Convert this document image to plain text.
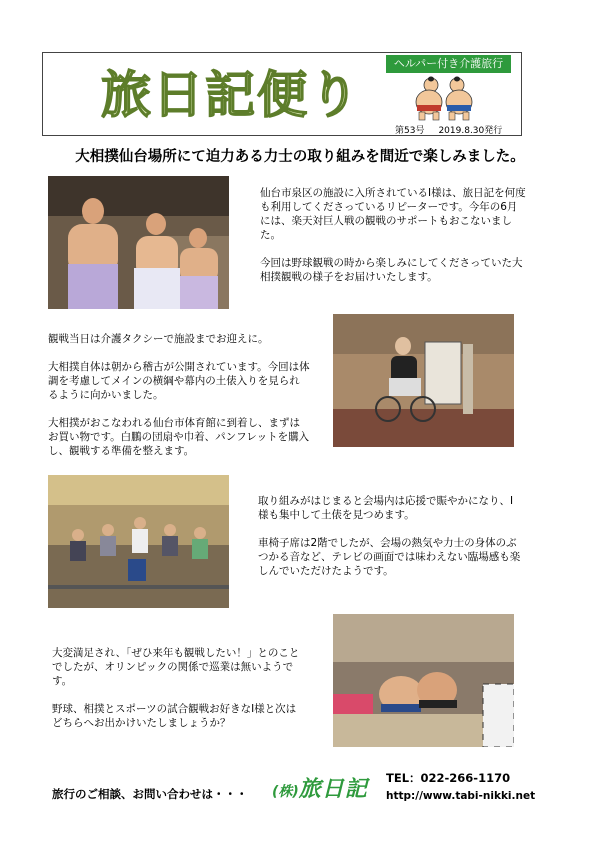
旅日記便り
ヘルパー付き介護旅行
第53号 2019.8.30発行
大相撲仙台場所にて迫力ある力士の取り組みを間近で楽しみました。

仙台市泉区の施設に入所されているI様は、旅日記を何度も利用してくださっているリピーターです。今年の6月には、楽天対巨人戦の観戦のサポートもおこないました。

今回は野球観戦の時から楽しみにしてくださっていた大相撲観戦の様子をお届けいたします。

観戦当日は介護タクシーで施設までお迎えに。

大相撲自体は朝から稽古が公開されています。今回は体調を考慮してメインの横綱や幕内の土俵入りを見られるように向かいました。

大相撲がおこなわれる仙台市体育館に到着し、まずはお買い物です。白鵬の団扇や巾着、パンフレットを購入し、観戦する準備を整えます。

取り組みがはじまると会場内は応援で賑やかになり、I様も集中して土俵を見つめます。

車椅子席は2階でしたが、会場の熱気や力士の身体のぶつかる音など、テレビの画面では味わえない臨場感も楽しんでいただけたようです。

大変満足され、「ぜひ来年も観戦したい！」とのことでしたが、オリンピックの関係で巡業は無いようです。

野球、相撲とスポーツの試合観戦お好きなI様と次はどちらへお出かけいたしましょうか？

旅行のご相談、お問い合わせは・・・ (株)旅日記 TEL：022-266-1170
http://www.tabi-nikki.net
